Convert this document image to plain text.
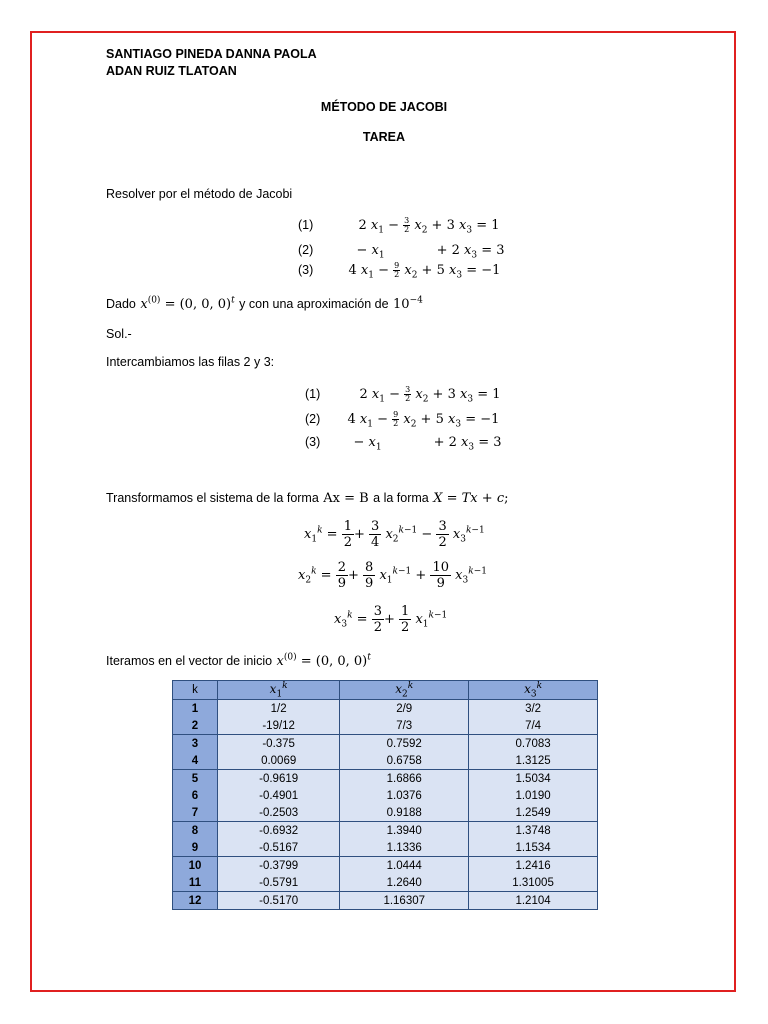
SANTIAGO PINEDA DANNA PAOLA
ADAN RUIZ TLATOAN
MÉTODO DE JACOBI
TAREA
Resolver por el método de Jacobi
(1)	2 $x_1 - \frac{3}{2} x_2 + 3$ $x_3 = 1$
(2)	− $x_1$	+ 2 $x_3 = 3$
(3)	4 $x_1 - \frac{9}{2} x_2 + 5$ $x_3 = -1$
Dado $x^{(0)} = (0$, 0, 0)$^t$ y con una aproximación de $10^{-4}$
Sol.-
Intercambiamos las filas 2 y 3:
(1)	2 $x_1 - \frac{3}{2} x_2 + 3$ $x_3 = 1$
(2) 4 $x_1 - \frac{9}{2} x_2 + 5$ $x_3 = -1$
(3)	− $x_1$	+ 2 $x_3 = 3$
Transformamos el sistema de la forma Ax = B a la forma X = Tx + c;
$x_1^k = \frac{1}{2} + \frac{3}{4} x_2^{k-1} - \frac{3}{2} x_3^{k-1}$
$x_2^k = \frac{2}{9} + \frac{8}{9} x_1^{k-1} + \frac{10}{9} x_3^{k-1}$
$x_3^k = \frac{3}{2} + \frac{1}{2} x_1^{k-1}$
Iteramos en el vector de inicio $x^{(0)} = (0$, 0, 0)$^t$
k	$x_1^k$	$x_2^k$	$x_3^k$
1	1/2	2/9	3/2
2	-19/12	7/3	7/4
3	-0.375	0.7592	0.7083
4	0.0069	0.6758	1.3125
5	-0.9619	1.6866	1.5034
6	-0.4901	1.0376	1.0190
7	-0.2503	0.9188	1.2549
8	-0.6932	1.3940	1.3748
9	-0.5167	1.1336	1.1534
10	-0.3799	1.0444	1.2416
11	-0.5791	1.2640	1.31005
12	-0.5170	1.16307	1.2104
